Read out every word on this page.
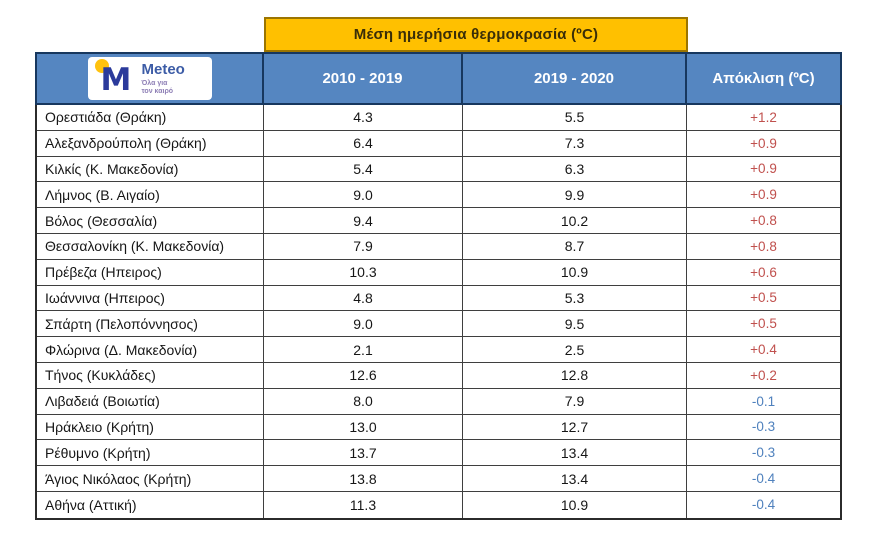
Μέση ημερήσια θερμοκρασία (ºC)
M Meteo
Όλα για
τον καιρό
2010 - 2019	2019 - 2020	Απόκλιση (ºC)
Ορεστιάδα (Θράκη)	4.3	5.5	+1.2
Αλεξανδρούπολη (Θράκη)	6.4	7.3	+0.9
Κιλκίς (Κ. Μακεδονία)	5.4	6.3	+0.9
Λήμνος (Β. Αιγαίο)	9.0	9.9	+0.9
Βόλος (Θεσσαλία)	9.4	10.2	+0.8
Θεσσαλονίκη (Κ. Μακεδονία)	7.9	8.7	+0.8
Πρέβεζα (Ηπειρος)	10.3	10.9	+0.6
Ιωάννινα (Ηπειρος)	4.8	5.3	+0.5
Σπάρτη (Πελοπόννησος)	9.0	9.5	+0.5
Φλώρινα (Δ. Μακεδονία)	2.1	2.5	+0.4
Τήνος (Κυκλάδες)	12.6	12.8	+0.2
Λιβαδειά (Βοιωτία)	8.0	7.9	-0.1
Ηράκλειο (Κρήτη)	13.0	12.7	-0.3
Ρέθυμνο (Κρήτη)	13.7	13.4	-0.3
Άγιος Νικόλαος (Κρήτη)	13.8	13.4	-0.4
Αθήνα (Αττική)	11.3	10.9	-0.4
